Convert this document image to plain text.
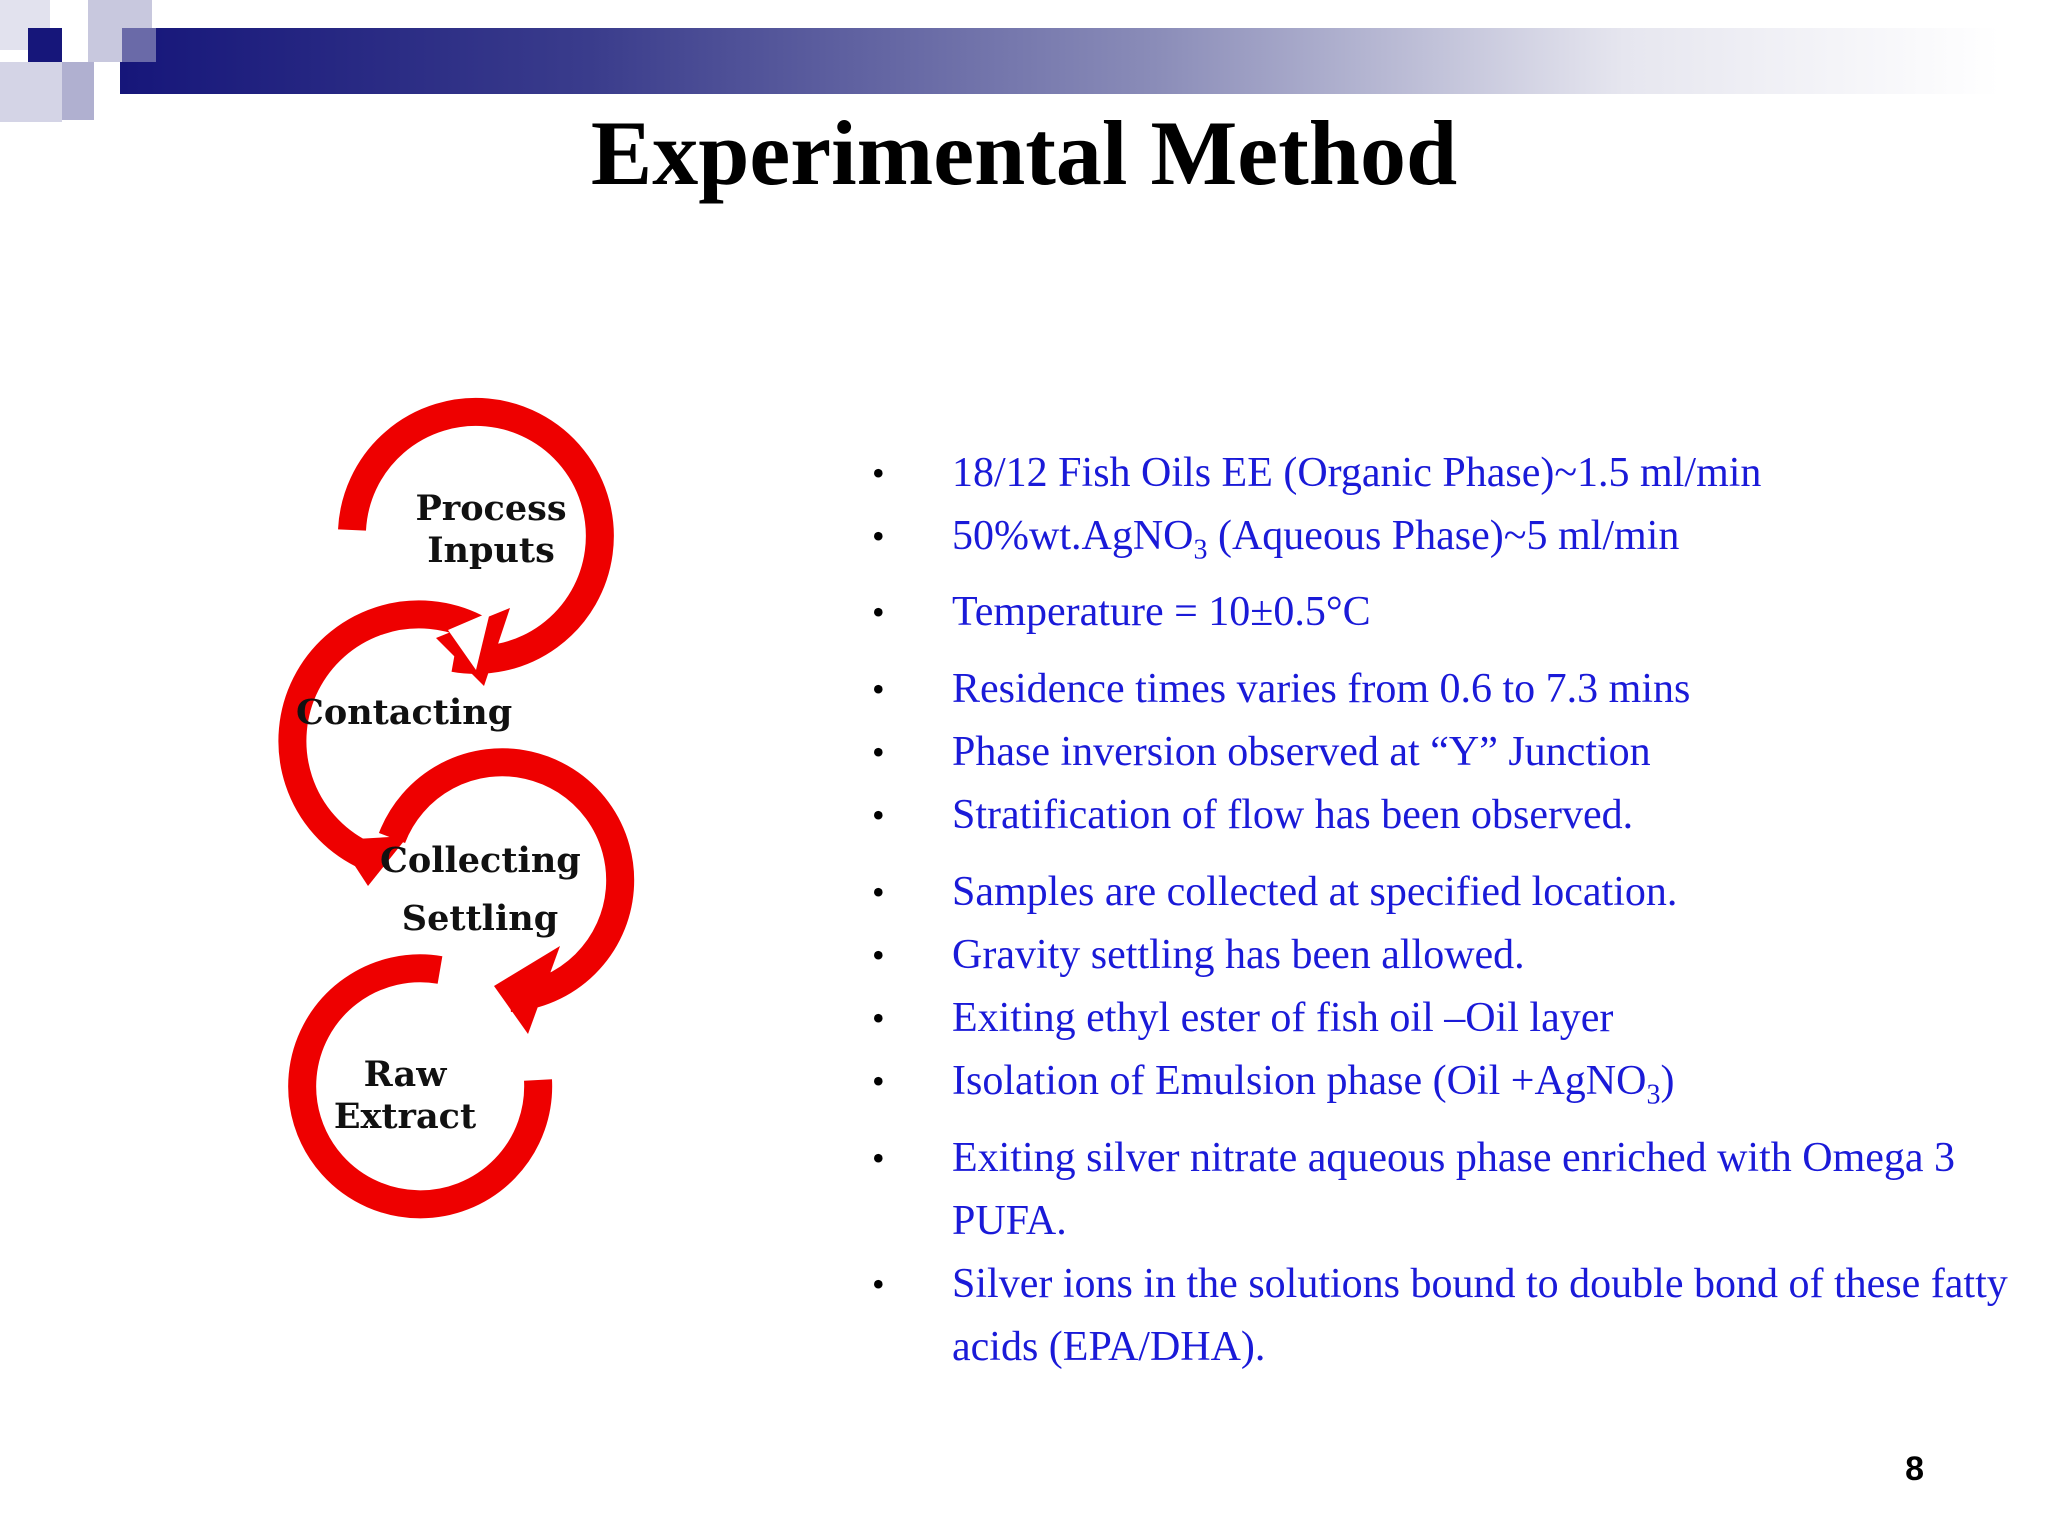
Experimental Method
Process
Inputs
Contacting
Collecting
Settling
Raw
Extract
• 18/12 Fish Oils EE (Organic Phase)~1.5 ml/min
• 50%wt.AgNO$_3$ (Aqueous Phase)~5 ml/min
• Temperature = 10±0.5°C
• Residence times varies from 0.6 to 7.3 mins
• Phase inversion observed at “Y” Junction
• Stratification of flow has been observed.
• Samples are collected at specified location.
• Gravity settling has been allowed.
• Exiting ethyl ester of fish oil –Oil layer
• Isolation of Emulsion phase (Oil +AgNO$_3$)
• Exiting silver nitrate aqueous phase enriched with Omega 3 PUFA.
• Silver ions in the solutions bound to double bond of these fatty acids (EPA/DHA).
8
